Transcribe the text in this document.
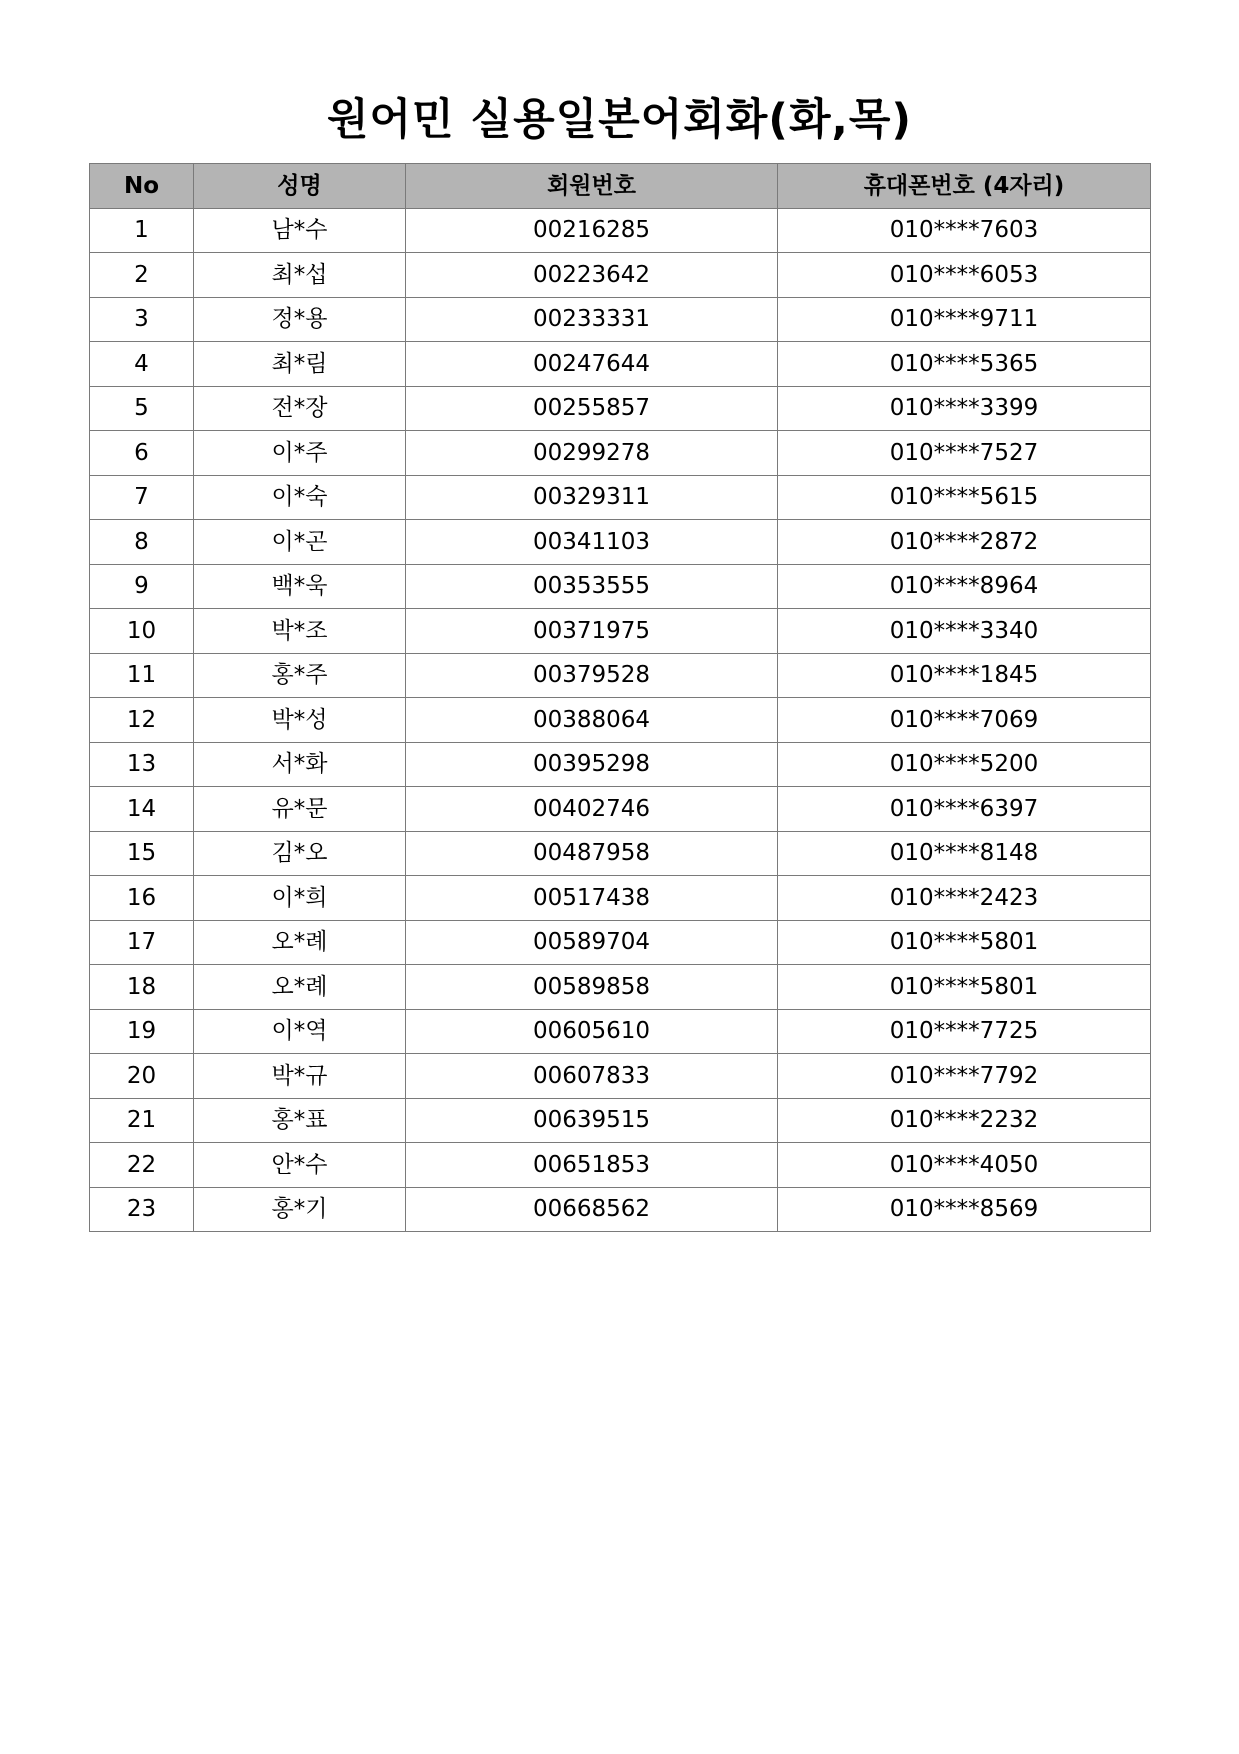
원어민 실용일본어회화(화,목)
No	성명	회원번호	휴대폰번호 (4자리)
1	남*수	00216285	010****7603
2	최*섭	00223642	010****6053
3	정*용	00233331	010****9711
4	최*림	00247644	010****5365
5	전*장	00255857	010****3399
6	이*주	00299278	010****7527
7	이*숙	00329311	010****5615
8	이*곤	00341103	010****2872
9	백*욱	00353555	010****8964
10	박*조	00371975	010****3340
11	홍*주	00379528	010****1845
12	박*성	00388064	010****7069
13	서*화	00395298	010****5200
14	유*문	00402746	010****6397
15	김*오	00487958	010****8148
16	이*희	00517438	010****2423
17	오*례	00589704	010****5801
18	오*례	00589858	010****5801
19	이*역	00605610	010****7725
20	박*규	00607833	010****7792
21	홍*표	00639515	010****2232
22	안*수	00651853	010****4050
23	홍*기	00668562	010****8569
